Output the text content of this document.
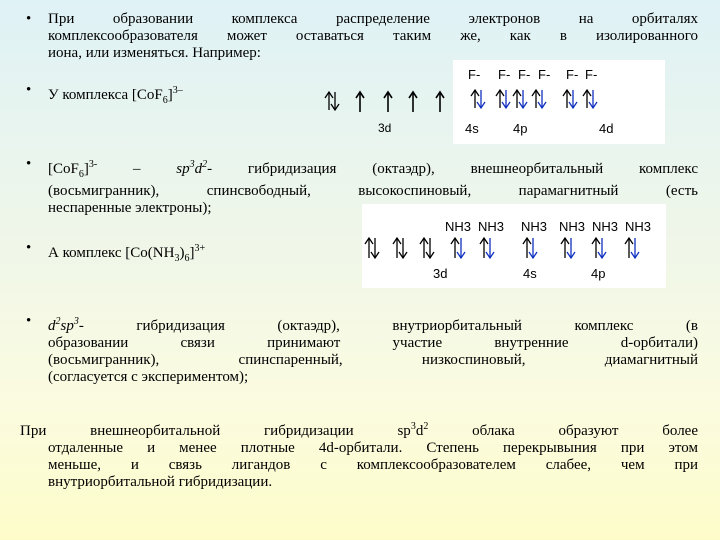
• При образовании комплекса распределение электронов на орбиталях
комплексообразователя может оставаться таким же, как в изолированного
иона, или изменяться. Например:
• У комплекса $[CoF_6]^{3-}$
F- F- F- F- F- F-
3d	4s	4p	4d
• $[CoF_6]^{3-} - sp^3d^2-$ гибридизация (октаэдр), внешнеорбитальный комплекс
(восьмигранник), спинсвободный, высокоспиновый, парамагнитный (есть
неспаренные электроны);
NH3 NH3 NH3 NH3 NH3 NH3
3d	4s	4p
• А комплекс $[Co(NH_3)_6]^{3+}$
• $d^2sp^3-$ гибридизация (октаэдр), внутриорбитальный комплекс (в
образовании связи принимают участие внутренние d-орбитали)
(восьмигранник), спинспаренный, низкоспиновый, диамагнитный
(согласуется с экспериментом);
При внешнеорбитальной гибридизации $sp^3d^2$ облака образуют более
отдаленные и менее плотные 4d-орбитали. Степень перекрывыния при этом
меньше, и связь лигандов с комплексообразователем слабее, чем при
внутриорбитальной гибридизации.
